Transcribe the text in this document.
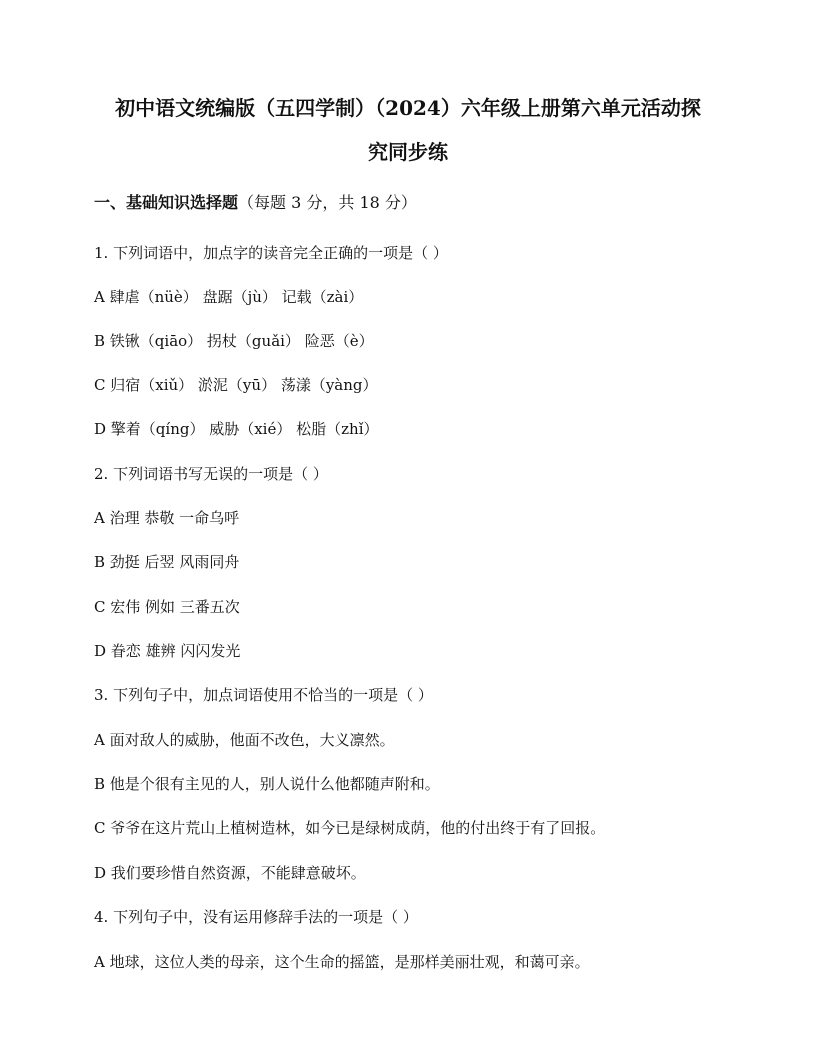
初中语文统编版（五四学制）（2024）六年级上册第六单元活动探
究同步练
一、基础知识选择题（每题 3 分，共 18 分）
1. 下列词语中，加点字的读音完全正确的一项是（ ）
A 肆虐（nüè） 盘踞（jù） 记载（zài）
B 铁锹（qiāo） 拐杖（guǎi） 险恶（è）
C 归宿（xiǔ） 淤泥（yū） 荡漾（yàng）
D 擎着（qíng） 威胁（xié） 松脂（zhǐ）
2. 下列词语书写无误的一项是（ ）
A 治理 恭敬 一命乌呼
B 劲挺 后翌 风雨同舟
C 宏伟 例如 三番五次
D 眷恋 雄辨 闪闪发光
3. 下列句子中，加点词语使用不恰当的一项是（ ）
A 面对敌人的威胁，他面不改色，大义凛然。
B 他是个很有主见的人，别人说什么他都随声附和。
C 爷爷在这片荒山上植树造林，如今已是绿树成荫，他的付出终于有了回报。
D 我们要珍惜自然资源，不能肆意破坏。
4. 下列句子中，没有运用修辞手法的一项是（ ）
A 地球，这位人类的母亲，这个生命的摇篮，是那样美丽壮观，和蔼可亲。
